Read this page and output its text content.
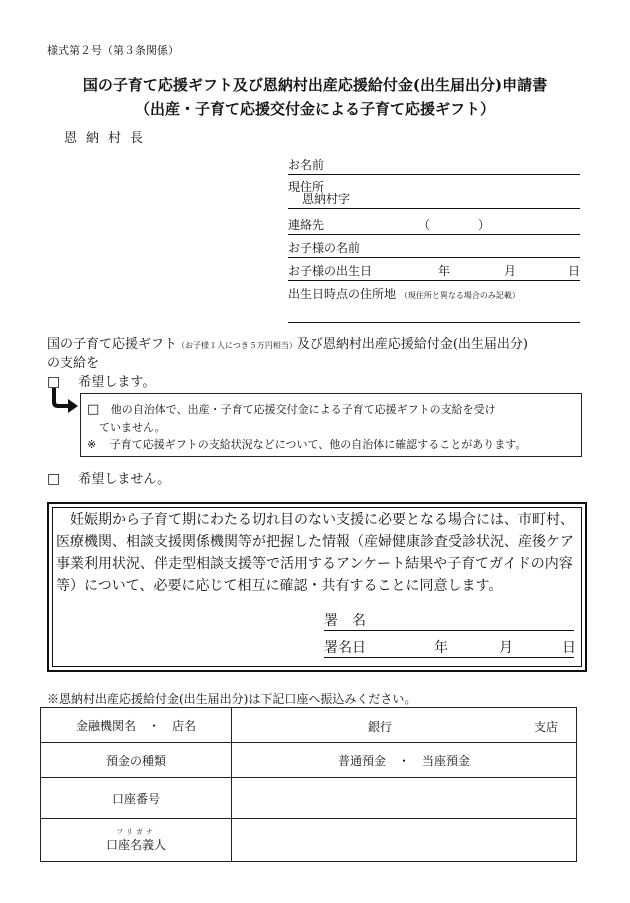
様式第２号（第３条関係）
国の子育て応援ギフト及び恩納村出産応援給付金(出生届出分)申請書
（出産・子育て応援交付金による子育て応援ギフト）
恩納村長
お名前
現住所
恩納村字
連絡先	（　　　　）
お子様の名前
お子様の出生日	年	月	日
出生日時点の住所地 （現住所と異なる場合のみ記載）
国の子育て応援ギフト（お子様１人につき５万円相当）及び恩納村出産応援給付金(出生届出分)
の支給を
□ 希望します。
□ 他の自治体で、出産・子育て応援交付金による子育て応援ギフトの支給を受け
ていません。
※ 子育て応援ギフトの支給状況などについて、他の自治体に確認することがあります。
□ 希望しません。
　妊娠期から子育て期にわたる切れ目のない支援に必要となる場合には、市町村、医療機関、相談支援関係機関等が把握した情報（産婦健康診査受診状況、産後ケア事業利用状況、伴走型相談支援等で活用するアンケート結果や子育てガイドの内容等）について、必要に応じて相互に確認・共有することに同意します。
署　名
署名日	年	月	日
※恩納村出産応援給付金(出生届出分)は下記口座へ振込みください。
金融機関名　・　店名	銀行 支店

預金の種類	普通預金　・　当座預金
口座番号	

フリガナ
口座名義人	
